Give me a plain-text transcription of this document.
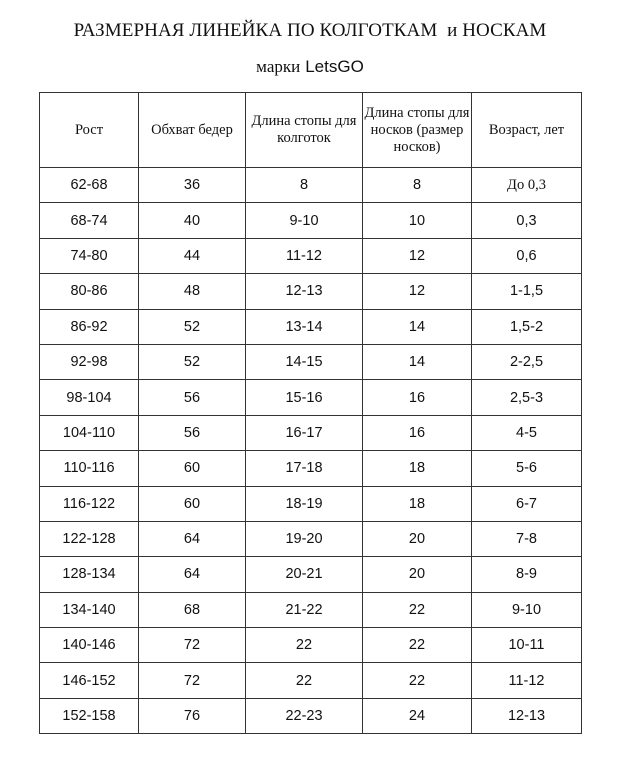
РАЗМЕРНАЯ ЛИНЕЙКА ПО КОЛГОТКАМ  и НОСКАМ
марки LetsGO
Рост	Обхват бедер	Длина стопы для колготок	Длина стопы для носков (размер носков)	Возраст, лет
62-68	36	8	8	До 0,3
68-74	40	9-10	10	0,3
74-80	44	11-12	12	0,6
80-86	48	12-13	12	1-1,5
86-92	52	13-14	14	1,5-2
92-98	52	14-15	14	2-2,5
98-104	56	15-16	16	2,5-3
104-110	56	16-17	16	4-5
110-116	60	17-18	18	5-6
116-122	60	18-19	18	6-7
122-128	64	19-20	20	7-8
128-134	64	20-21	20	8-9
134-140	68	21-22	22	9-10
140-146	72	22	22	10-11
146-152	72	22	22	11-12
152-158	76	22-23	24	12-13
